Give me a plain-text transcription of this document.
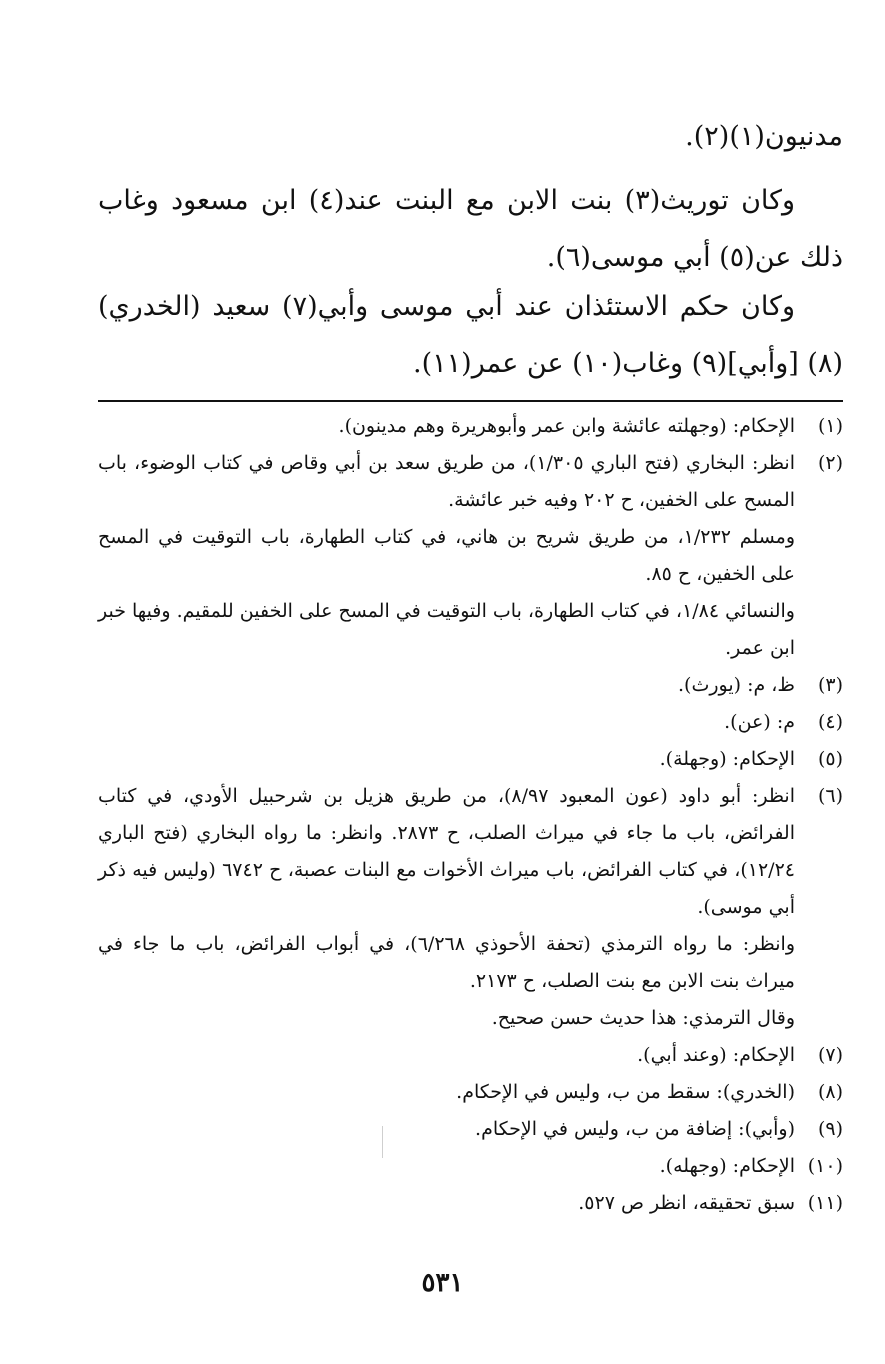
مدنيون(١)(٢).
وكان توريث(٣) بنت الابن مع البنت عند(٤) ابن مسعود وغاب ذلك عن(٥) أبي موسى(٦).
وكان حكم الاستئذان عند أبي موسى وأبي(٧) سعيد (الخدري)(٨) [وأبي](٩) وغاب(١٠) عن عمر(١١).
(١)
الإحكام: (وجهلته عائشة وابن عمر وأبوهريرة وهم مدينون).
(٢)
انظر: البخاري (فتح الباري ١/٣٠٥)، من طريق سعد بن أبي وقاص في كتاب الوضوء، باب المسح على الخفين، ح ٢٠٢ وفيه خبر عائشة.
ومسلم ١/٢٣٢، من طريق شريح بن هاني، في كتاب الطهارة، باب التوقيت في المسح على الخفين، ح ٨٥.
والنسائي ١/٨٤، في كتاب الطهارة، باب التوقيت في المسح على الخفين للمقيم. وفيها خبر ابن عمر.
(٣)
ظ، م: (يورث).
(٤)
م: (عن).
(٥)
الإحكام: (وجهلة).
(٦)
انظر: أبو داود (عون المعبود ٨/٩٧)، من طريق هزيل بن شرحبيل الأودي، في كتاب الفرائض، باب ما جاء في ميراث الصلب، ح ٢٨٧٣. وانظر: ما رواه البخاري (فتح الباري ١٢/٢٤)، في كتاب الفرائض، باب ميراث الأخوات مع البنات عصبة، ح ٦٧٤٢ (وليس فيه ذكر أبي موسى).
وانظر: ما رواه الترمذي (تحفة الأحوذي ٦/٢٦٨)، في أبواب الفرائض، باب ما جاء في ميراث بنت الابن مع بنت الصلب، ح ٢١٧٣.
وقال الترمذي: هذا حديث حسن صحيح.
(٧)
الإحكام: (وعند أبي).
(٨)
(الخدري): سقط من ب، وليس في الإحكام.
(٩)
(وأبي): إضافة من ب، وليس في الإحكام.
(١٠)
الإحكام: (وجهله).
(١١)
سبق تحقيقه، انظر ص ٥٢٧.
٥٣١
